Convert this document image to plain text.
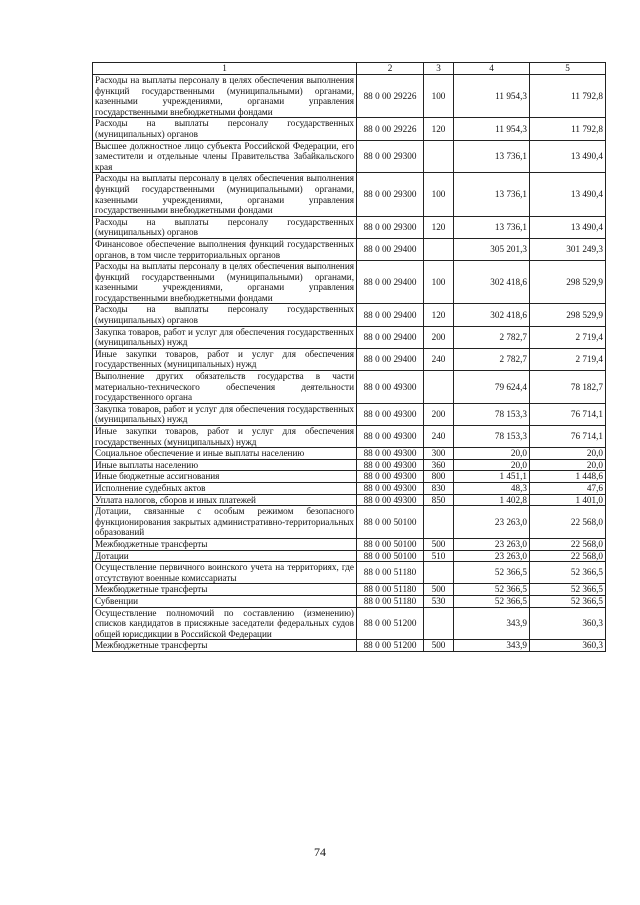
1	2	3	4	5
Расходы на выплаты персоналу в целях обеспечения выполнения функций государственными (муниципальными) органами, казенными учреждениями, органами управления государственными внебюджетными фондами	88 0 00 29226	100	11 954,3	11 792,8
Расходы на выплаты персоналу государственных (муниципальных) органов	88 0 00 29226	120	11 954,3	11 792,8
Высшее должностное лицо субъекта Российской Федерации, его заместители и отдельные члены Правительства Забайкальского края	88 0 00 29300		13 736,1	13 490,4
Расходы на выплаты персоналу в целях обеспечения выполнения функций государственными (муниципальными) органами, казенными учреждениями, органами управления государственными внебюджетными фондами	88 0 00 29300	100	13 736,1	13 490,4
Расходы на выплаты персоналу государственных (муниципальных) органов	88 0 00 29300	120	13 736,1	13 490,4
Финансовое обеспечение выполнения функций государственных органов, в том числе территориальных органов	88 0 00 29400		305 201,3	301 249,3
Расходы на выплаты персоналу в целях обеспечения выполнения функций государственными (муниципальными) органами, казенными учреждениями, органами управления государственными внебюджетными фондами	88 0 00 29400	100	302 418,6	298 529,9
Расходы на выплаты персоналу государственных (муниципальных) органов	88 0 00 29400	120	302 418,6	298 529,9
Закупка товаров, работ и услуг для обеспечения государственных (муниципальных) нужд	88 0 00 29400	200	2 782,7	2 719,4
Иные закупки товаров, работ и услуг для обеспечения государственных (муниципальных) нужд	88 0 00 29400	240	2 782,7	2 719,4
Выполнение других обязательств государства в части материально-технического обеспечения деятельности государственного органа	88 0 00 49300		79 624,4	78 182,7
Закупка товаров, работ и услуг для обеспечения государственных (муниципальных) нужд	88 0 00 49300	200	78 153,3	76 714,1
Иные закупки товаров, работ и услуг для обеспечения государственных (муниципальных) нужд	88 0 00 49300	240	78 153,3	76 714,1
Социальное обеспечение и иные выплаты населению	88 0 00 49300	300	20,0	20,0
Иные выплаты населению	88 0 00 49300	360	20,0	20,0
Иные бюджетные ассигнования	88 0 00 49300	800	1 451,1	1 448,6
Исполнение судебных актов	88 0 00 49300	830	48,3	47,6
Уплата налогов, сборов и иных платежей	88 0 00 49300	850	1 402,8	1 401,0
Дотации, связанные с особым режимом безопасного функционирования закрытых административно-территориальных образований	88 0 00 50100		23 263,0	22 568,0
Межбюджетные трансферты	88 0 00 50100	500	23 263,0	22 568,0
Дотации	88 0 00 50100	510	23 263,0	22 568,0
Осуществление первичного воинского учета на территориях, где отсутствуют военные комиссариаты	88 0 00 51180		52 366,5	52 366,5
Межбюджетные трансферты	88 0 00 51180	500	52 366,5	52 366,5
Субвенции	88 0 00 51180	530	52 366,5	52 366,5
Осуществление полномочий по составлению (изменению) списков кандидатов в присяжные заседатели федеральных судов общей юрисдикции в Российской Федерации	88 0 00 51200		343,9	360,3
Межбюджетные трансферты	88 0 00 51200	500	343,9	360,3
74
